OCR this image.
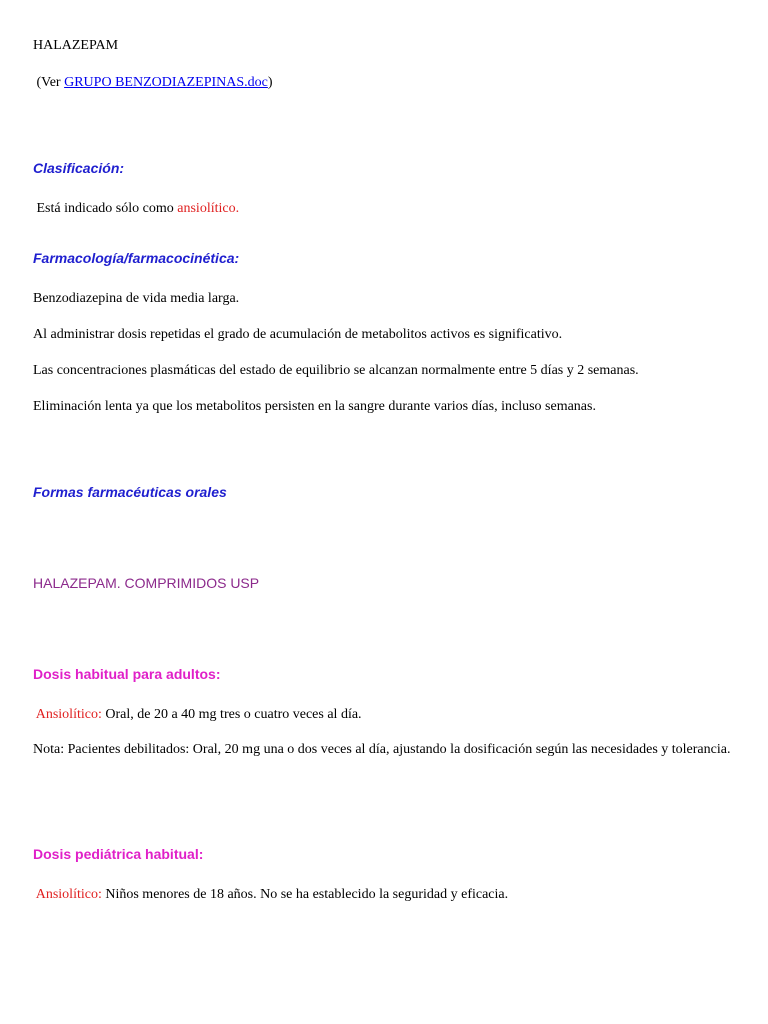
HALAZEPAM
(Ver GRUPO BENZODIAZEPINAS.doc)
Clasificación:
Está indicado sólo como ansiolítico.
Farmacología/farmacocinética:
Benzodiazepina de vida media larga.
Al administrar dosis repetidas el grado de acumulación de metabolitos activos es significativo.
Las concentraciones plasmáticas del estado de equilibrio se alcanzan normalmente entre 5 días y 2 semanas.
Eliminación lenta ya que los metabolitos persisten en la sangre durante varios días, incluso semanas.
Formas farmacéuticas orales
HALAZEPAM. COMPRIMIDOS USP
Dosis habitual para adultos:
Ansiolítico: Oral, de 20 a 40 mg tres o cuatro veces al día.
Nota: Pacientes debilitados: Oral, 20 mg una o dos veces al día, ajustando la dosificación según las necesidades y tolerancia.
Dosis pediátrica habitual:
Ansiolítico: Niños menores de 18 años. No se ha establecido la seguridad y eficacia.
